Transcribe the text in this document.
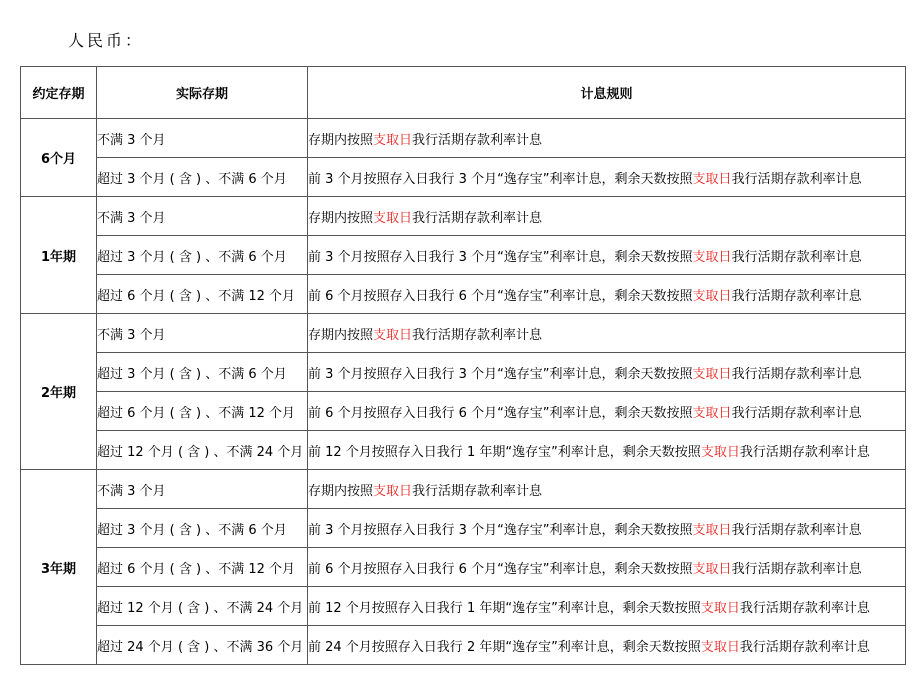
人民币：
约定存期	实际存期	计息规则
6个月	不满 3 个月	存期内按照支取日我行活期存款利率计息
	超过 3 个月 ( 含 ) 、不满 6 个月	前 3 个月按照存入日我行 3 个月“逸存宝”利率计息，剩余天数按照支取日我行活期存款利率计息
1年期	不满 3 个月	存期内按照支取日我行活期存款利率计息
	超过 3 个月 ( 含 ) 、不满 6 个月	前 3 个月按照存入日我行 3 个月“逸存宝”利率计息，剩余天数按照支取日我行活期存款利率计息
	超过 6 个月 ( 含 ) 、不满 12 个月	前 6 个月按照存入日我行 6 个月“逸存宝”利率计息，剩余天数按照支取日我行活期存款利率计息
2年期	不满 3 个月	存期内按照支取日我行活期存款利率计息
	超过 3 个月 ( 含 ) 、不满 6 个月	前 3 个月按照存入日我行 3 个月“逸存宝”利率计息，剩余天数按照支取日我行活期存款利率计息
	超过 6 个月 ( 含 ) 、不满 12 个月	前 6 个月按照存入日我行 6 个月“逸存宝”利率计息，剩余天数按照支取日我行活期存款利率计息
	超过 12 个月 ( 含 ) 、不满 24 个月	前 12 个月按照存入日我行 1 年期“逸存宝”利率计息，剩余天数按照支取日我行活期存款利率计息
3年期	不满 3 个月	存期内按照支取日我行活期存款利率计息
	超过 3 个月 ( 含 ) 、不满 6 个月	前 3 个月按照存入日我行 3 个月“逸存宝”利率计息，剩余天数按照支取日我行活期存款利率计息
	超过 6 个月 ( 含 ) 、不满 12 个月	前 6 个月按照存入日我行 6 个月“逸存宝”利率计息，剩余天数按照支取日我行活期存款利率计息
	超过 12 个月 ( 含 ) 、不满 24 个月	前 12 个月按照存入日我行 1 年期“逸存宝”利率计息，剩余天数按照支取日我行活期存款利率计息
	超过 24 个月 ( 含 ) 、不满 36 个月	前 24 个月按照存入日我行 2 年期“逸存宝”利率计息，剩余天数按照支取日我行活期存款利率计息
